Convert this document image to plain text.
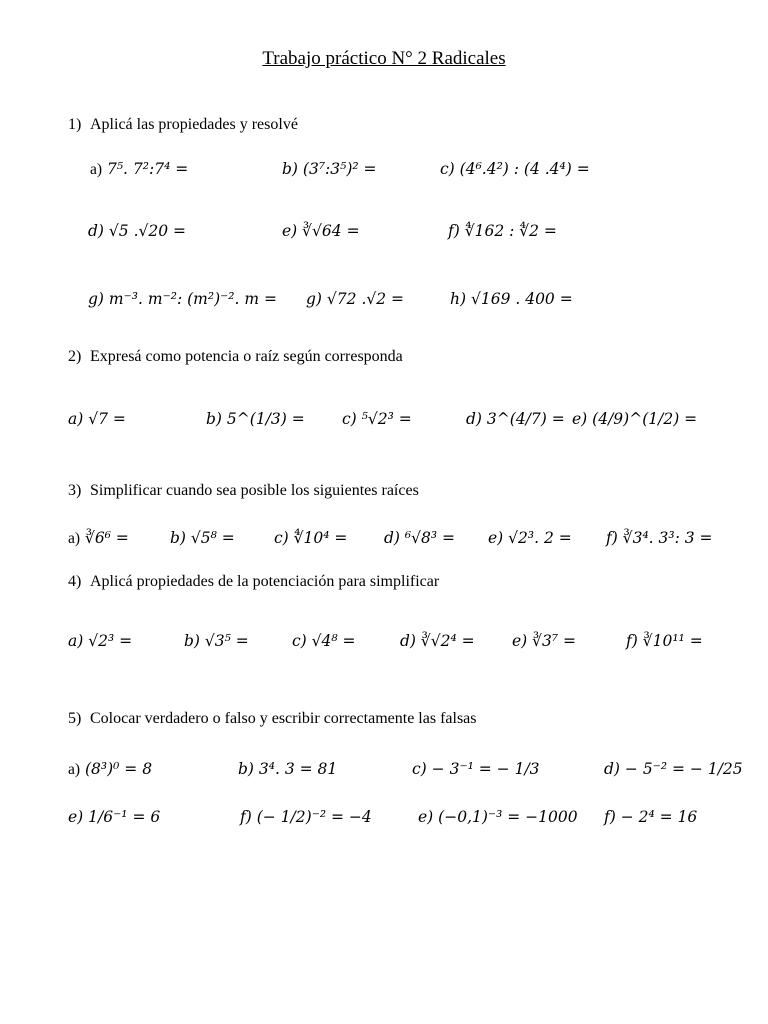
Trabajo práctico N° 2 Radicales
1) Aplicá las propiedades y resolvé
a) 7⁵. 7²:7⁴ =	b) (3⁷:3⁵)² =	c) (4⁶.4²) : (4 .4⁴) =
d) √5 .√20 =	e) ∛√64 =	f) ∜162 : ∜2 =
g) m⁻³. m⁻²: (m²)⁻². m = g) √72 .√2 =	h) √169 . 400 =
2) Expresá como potencia o raíz según corresponda
a) √7 =	b) 5^(1/3) = c) ⁵√2³ =	d) 3^(4/7) = e) (4/9)^(1/2) =
3) Simplificar cuando sea posible los siguientes raíces
a) ∛6⁶ =	b) √5⁸ =	c) ∜10⁴ = d) ⁶√8³ = e) √2³. 2 = f) ∛3⁴. 3³: 3 =
4) Aplicá propiedades de la potenciación para simplificar
a) √2³ =	b) √3⁵ =	c) √4⁸ =	d) ∛√2⁴ = e) ∛3⁷ =	f) ∛10¹¹ =
5) Colocar verdadero o falso y escribir correctamente las falsas
a) (8³)⁰ = 8	b) 3⁴. 3 = 81	c) − 3⁻¹ = − 1/3	d) − 5⁻² = − 1/25
e) 1/6⁻¹ = 6	f) (− 1/2)⁻² = −4	e) (−0,1)⁻³ = −1000 f) − 2⁴ = 16
